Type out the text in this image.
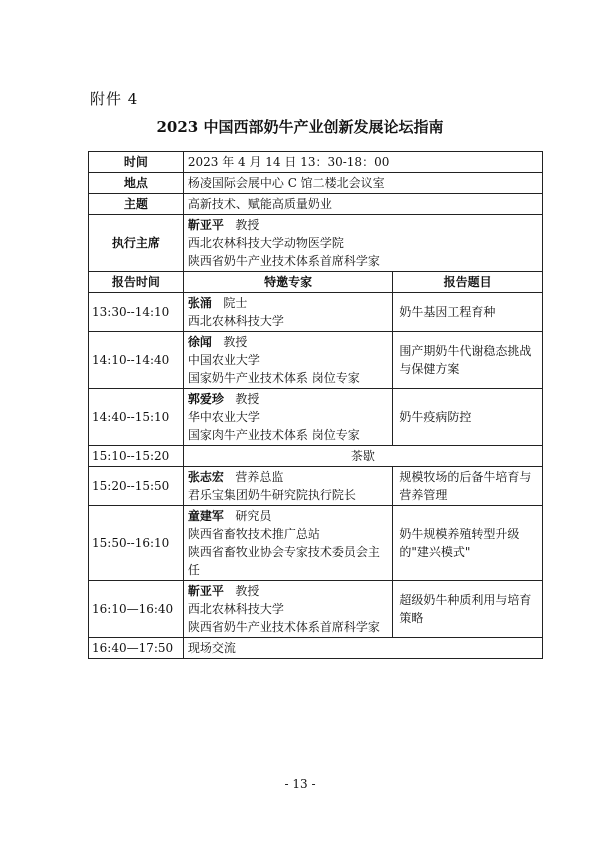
附件 4
2023 中国西部奶牛产业创新发展论坛指南
时间	2023 年 4 月 14 日 13：30-18：00	
地点	杨凌国际会展中心 C 馆二楼北会议室	
主题	高新技术、赋能高质量奶业	
执行主席	靳亚平 教授
西北农林科技大学动物医学院
陕西省奶牛产业技术体系首席科学家	

报告时间	特邀专家	报告题目
13:30--14:10	张涌 院士
西北农林科技大学	奶牛基因工程育种
14:10--14:40	徐闻 教授
中国农业大学
国家奶牛产业技术体系 岗位专家	围产期奶牛代谢稳态挑战与保健方案
14:40--15:10	郭爱珍 教授
华中农业大学
国家肉牛产业技术体系 岗位专家	奶牛疫病防控
15:10--15:20	茶歇	
15:20--15:50	张志宏 营养总监
君乐宝集团奶牛研究院执行院长	规模牧场的后备牛培育与营养管理
15:50--16:10	童建军 研究员
陕西省畜牧技术推广总站
陕西省畜牧业协会专家技术委员会主任	奶牛规模养殖转型升级的"建兴模式"
16:10—16:40	靳亚平 教授
西北农林科技大学
陕西省奶牛产业技术体系首席科学家	超级奶牛种质利用与培育策略
16:40—17:50	现场交流	
- 13 -
